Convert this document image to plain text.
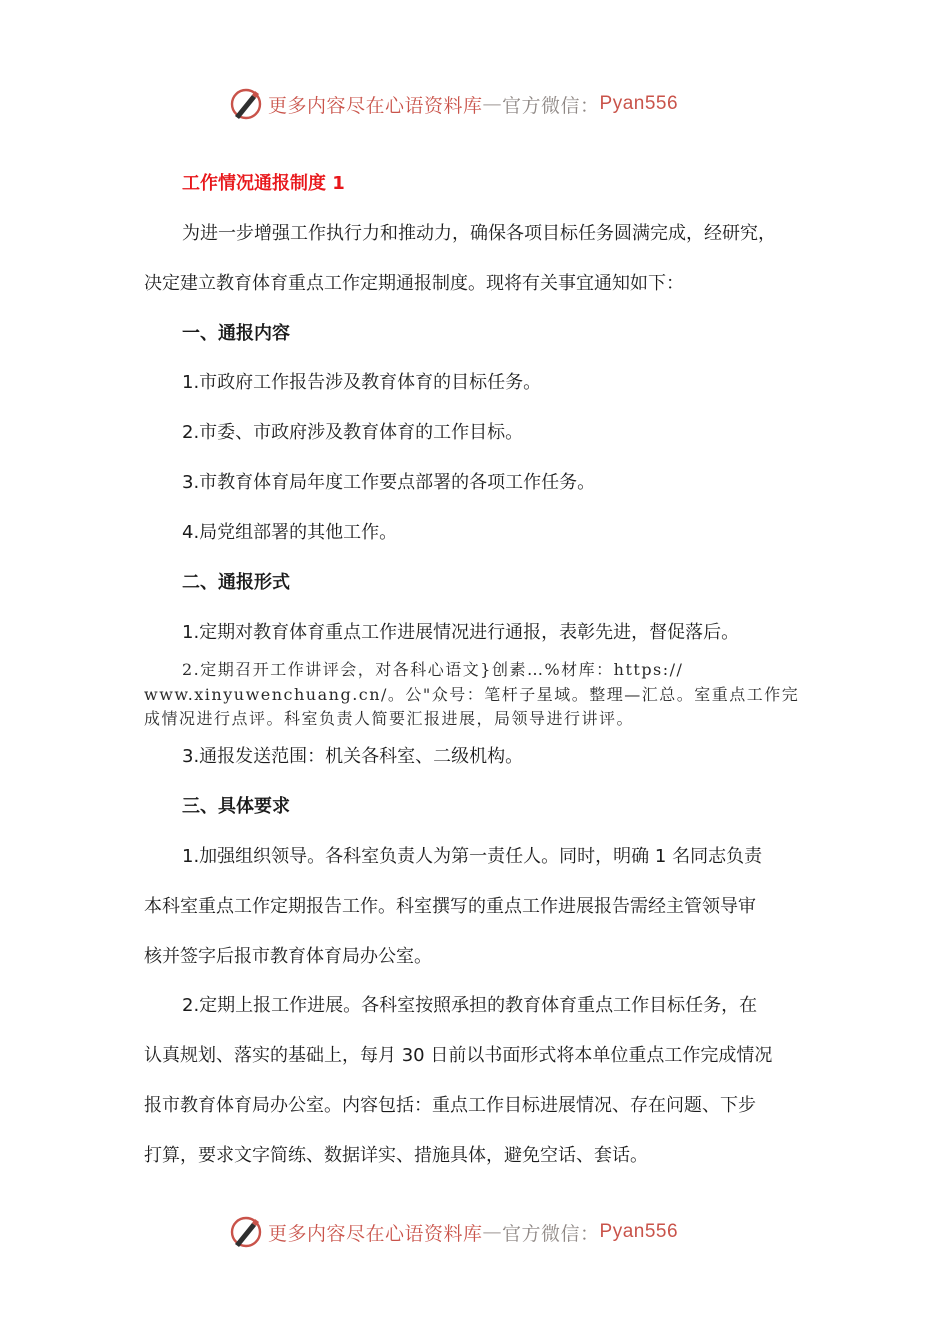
更多内容尽在心语资料库 — 官方微信： Pyan556
工作情况通报制度 1
为进一步增强工作执行力和推动力，确保各项目标任务圆满完成，经研究，
决定建立教育体育重点工作定期通报制度。现将有关事宜通知如下：
一、通报内容
1.市政府工作报告涉及教育体育的目标任务。
2.市委、市政府涉及教育体育的工作目标。
3.市教育体育局年度工作要点部署的各项工作任务。
4.局党组部署的其他工作。
二、通报形式
1.定期对教育体育重点工作进展情况进行通报，表彰先进，督促落后。
2.定期召开工作讲评会，对各科心语文}创素…%材库：https://
www.xinyuwenchuang.cn/。公"众号：笔杆子星域。整理—汇总。室重点工作完
成情况进行点评。科室负责人简要汇报进展，局领导进行讲评。
3.通报发送范围：机关各科室、二级机构。
三、具体要求
1.加强组织领导。各科室负责人为第一责任人。同时，明确 1 名同志负责
本科室重点工作定期报告工作。科室撰写的重点工作进展报告需经主管领导审
核并签字后报市教育体育局办公室。
2.定期上报工作进展。各科室按照承担的教育体育重点工作目标任务，在
认真规划、落实的基础上，每月 30 日前以书面形式将本单位重点工作完成情况
报市教育体育局办公室。内容包括：重点工作目标进展情况、存在问题、下步
打算，要求文字简练、数据详实、措施具体，避免空话、套话。
更多内容尽在心语资料库 — 官方微信： Pyan556
